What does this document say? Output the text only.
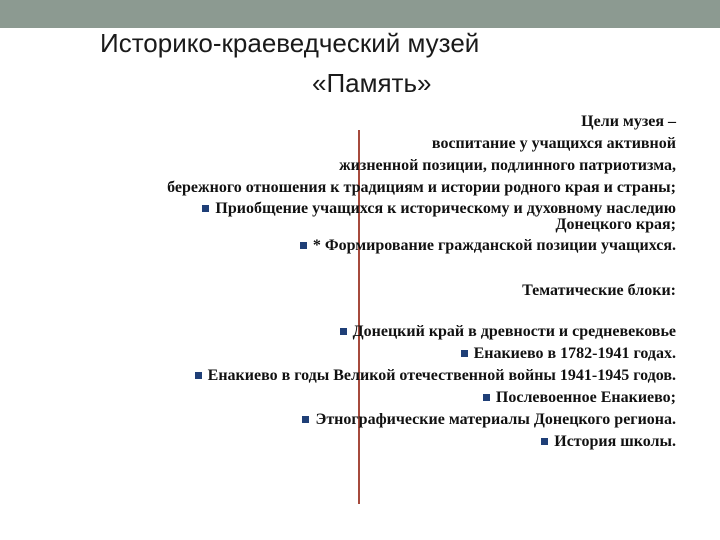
Историко-краеведческий музей
«Память»
Цели музея –
воспитание у учащихся активной
жизненной позиции, подлинного патриотизма,
бережного отношения к традициям и истории родного края и страны;
Приобщение учащихся к историческому и духовному наследию
Донецкого края;
* Формирование гражданской позиции учащихся.
Тематические блоки:
Донецкий край в древности и средневековье
Енакиево в 1782-1941 годах.
Енакиево в годы Великой отечественной войны 1941-1945 годов.
Послевоенное Енакиево;
Этнографические материалы Донецкого региона.
История школы.
